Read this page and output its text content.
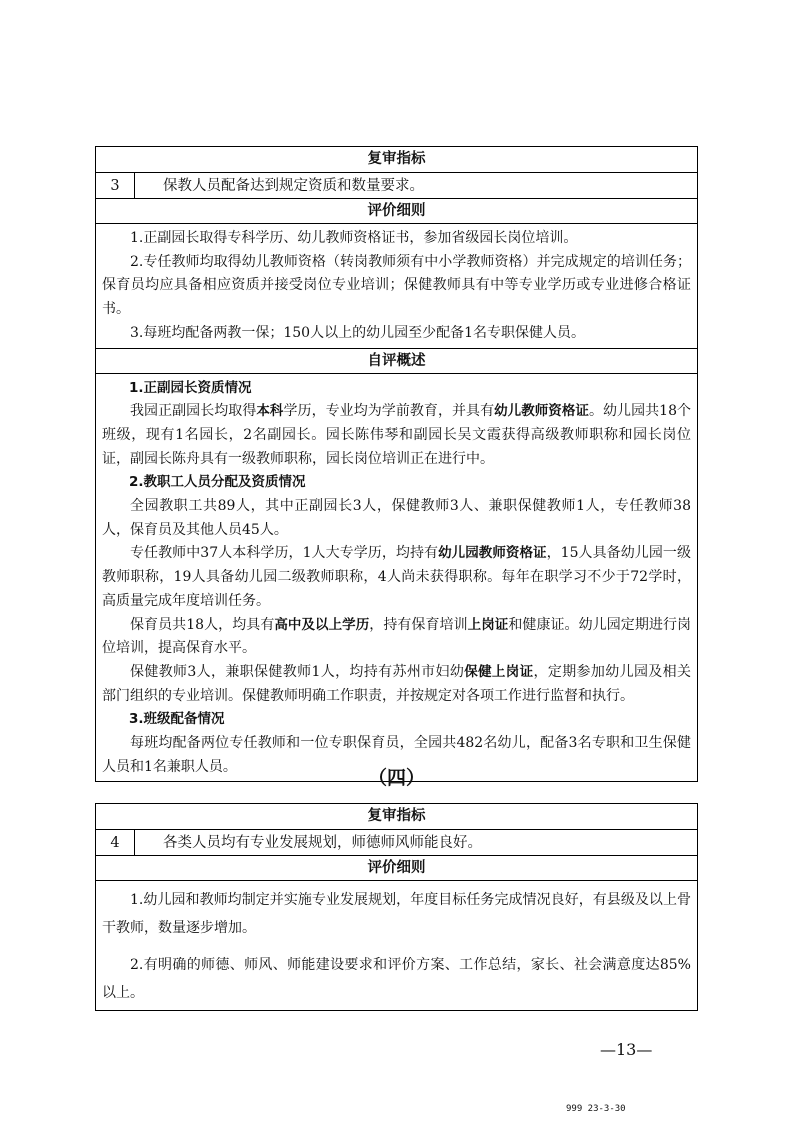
复审指标
3	保教人员配备达到规定资质和数量要求。
评价细则

1.正副园长取得专科学历、幼儿教师资格证书，参加省级园长岗位培训。

2.专任教师均取得幼儿教师资格（转岗教师须有中小学教师资格）并完成规定的培训任务；保育员均应具备相应资质并接受岗位专业培训；保健教师具有中等专业学历或专业进修合格证书。

3.每班均配备两教一保；150人以上的幼儿园至少配备1名专职保健人员。

自评概述

1.正副园长资质情况

我园正副园长均取得本科学历，专业均为学前教育，并具有幼儿教师资格证。幼儿园共18个班级，现有1名园长，2名副园长。园长陈伟琴和副园长吴文霞获得高级教师职称和园长岗位证，副园长陈舟具有一级教师职称，园长岗位培训正在进行中。

2.教职工人员分配及资质情况

全园教职工共89人，其中正副园长3人，保健教师3人、兼职保健教师1人，专任教师38人，保育员及其他人员45人。

专任教师中37人本科学历，1人大专学历，均持有幼儿园教师资格证，15人具备幼儿园一级教师职称，19人具备幼儿园二级教师职称，4人尚未获得职称。每年在职学习不少于72学时，高质量完成年度培训任务。

保育员共18人，均具有高中及以上学历，持有保育培训上岗证和健康证。幼儿园定期进行岗位培训，提高保育水平。

保健教师3人，兼职保健教师1人，均持有苏州市妇幼保健上岗证，定期参加幼儿园及相关部门组织的专业培训。保健教师明确工作职责，并按规定对各项工作进行监督和执行。

3.班级配备情况

每班均配备两位专任教师和一位专职保育员，全园共482名幼儿，配备3名专职和卫生保健人员和1名兼职人员。

（四）
复审指标
4	各类人员均有专业发展规划，师德师风师能良好。
评价细则

1.幼儿园和教师均制定并实施专业发展规划，年度目标任务完成情况良好，有县级及以上骨干教师，数量逐步增加。

2.有明确的师德、师风、师能建设要求和评价方案、工作总结，家长、社会满意度达85%以上。

—13—
999 23-3-30
